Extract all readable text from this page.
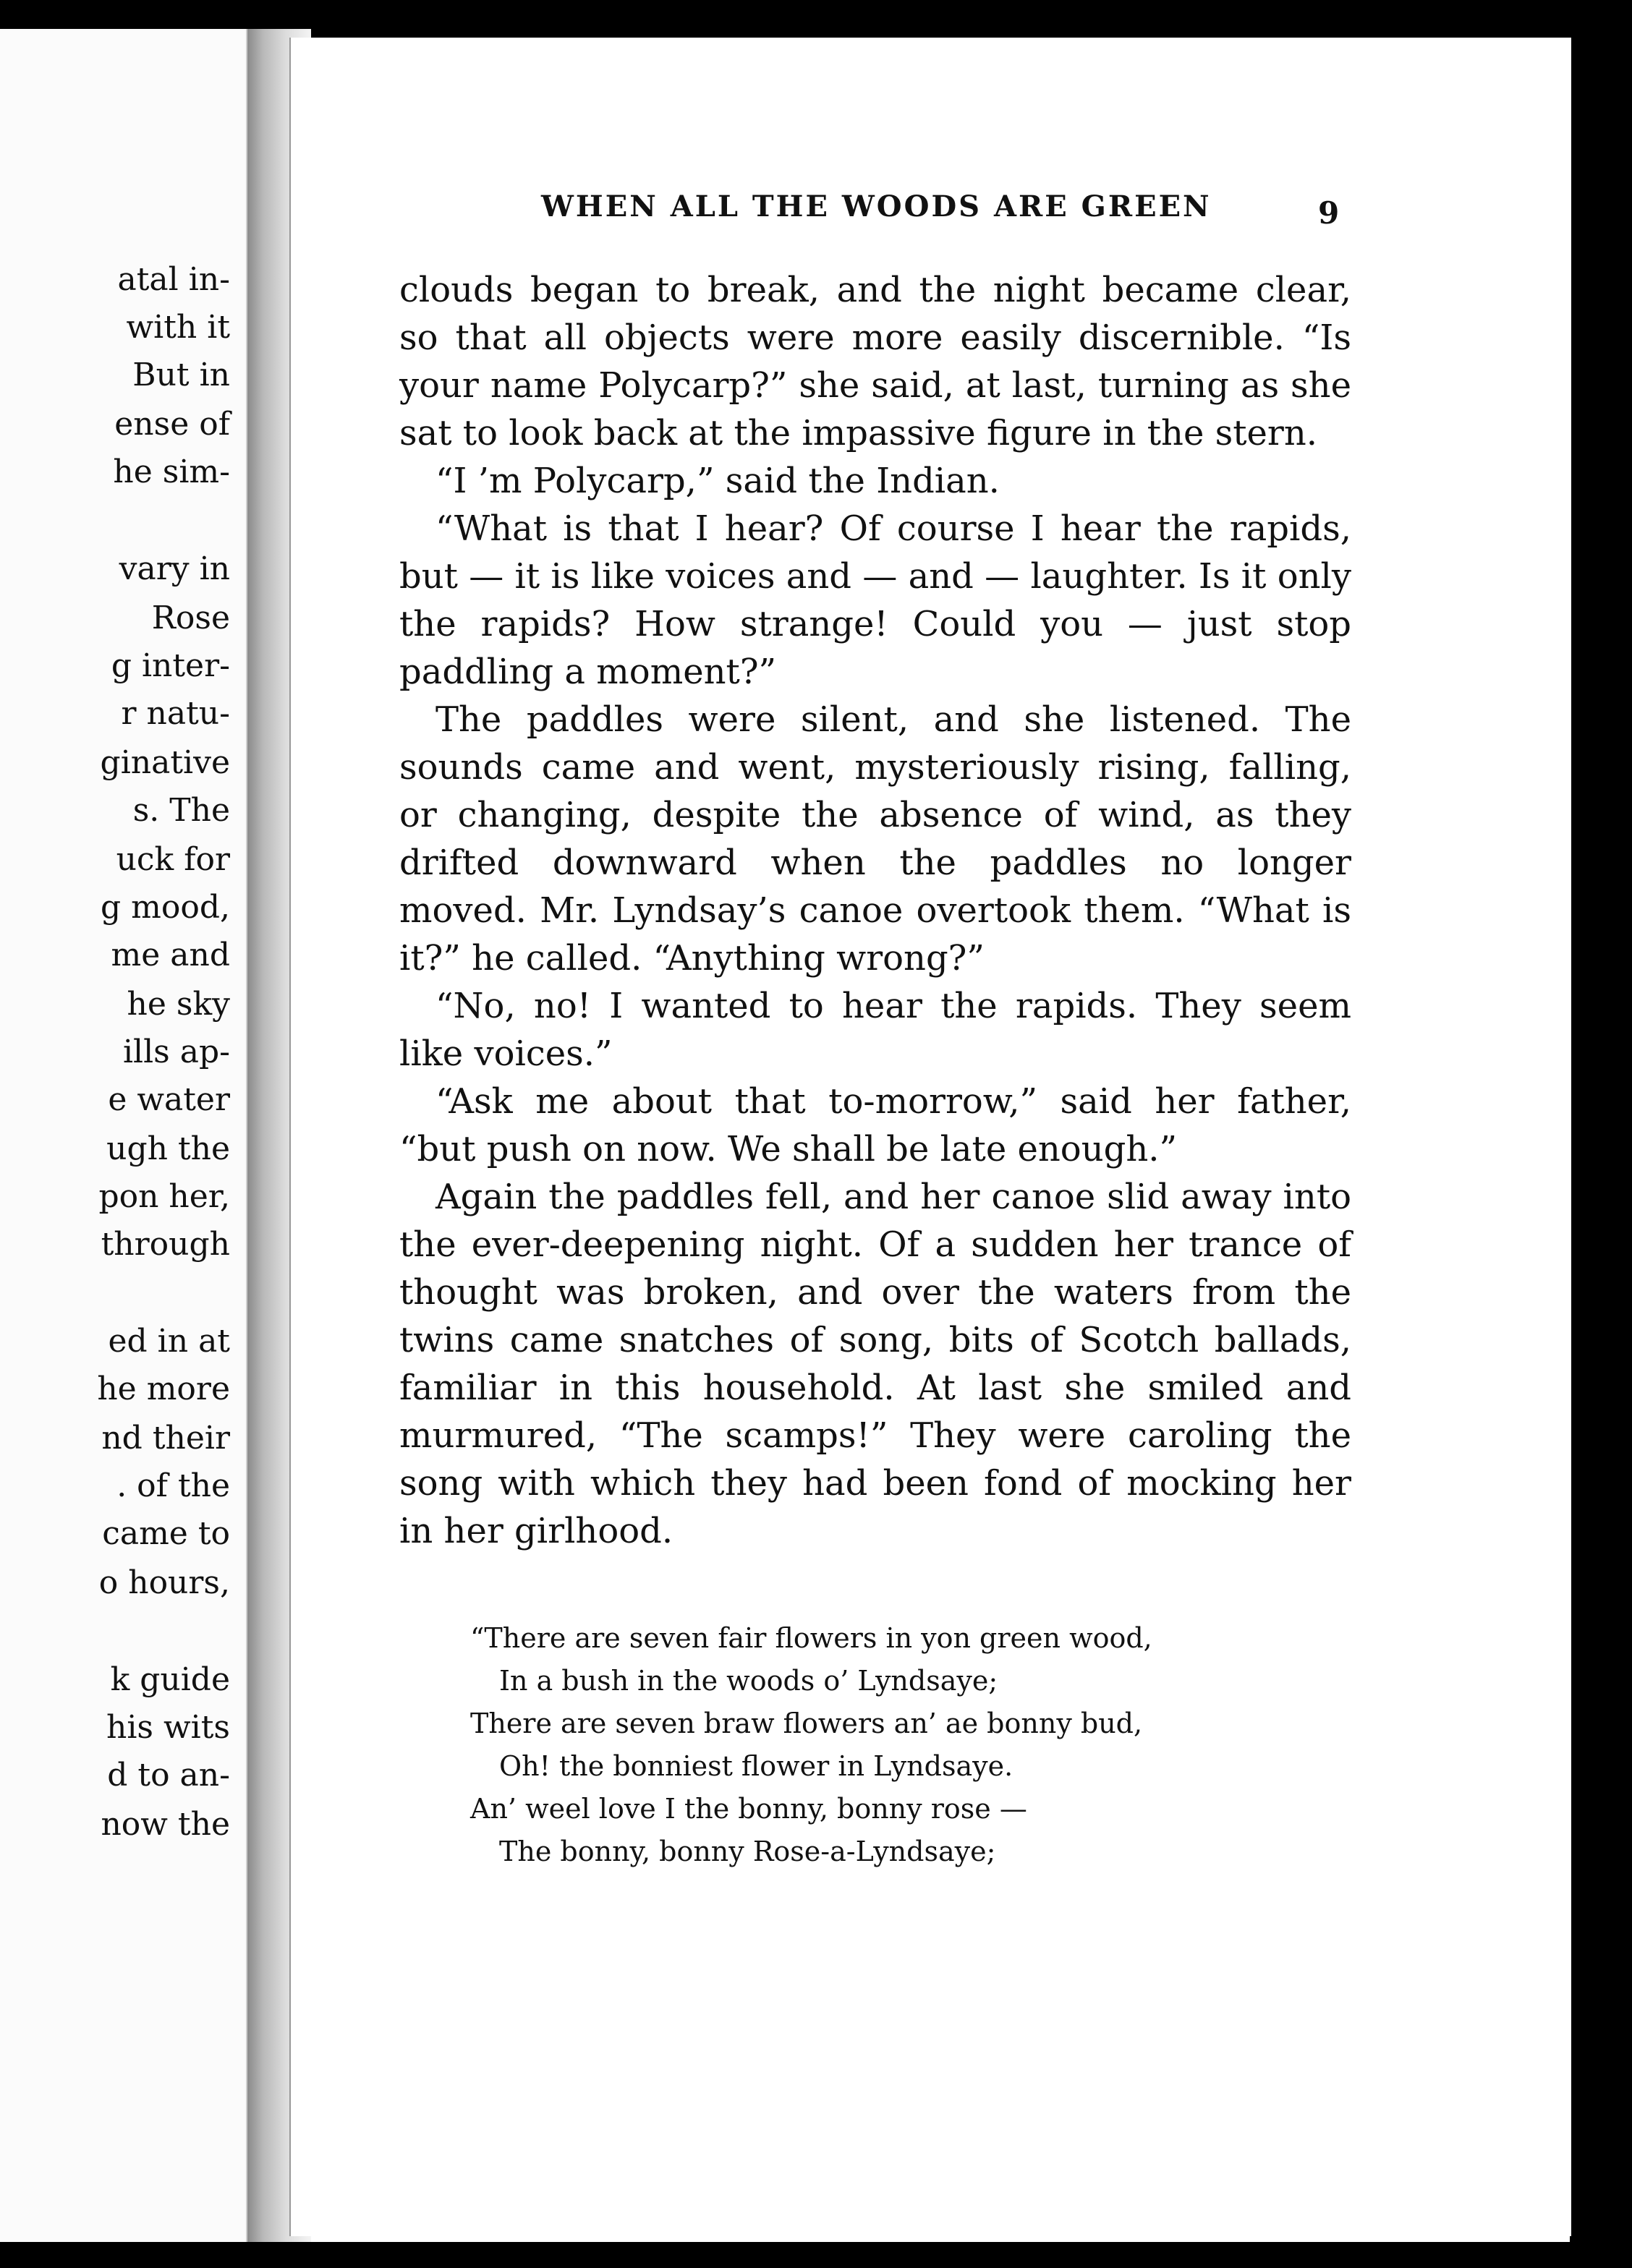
atal in-
with it
But in
ense of
he sim-
vary in
Rose
g inter-
r natu-
ginative
s. The
uck for
g mood,
me and
he sky
ills ap-
e water
ugh the
pon her,
through
ed in at
he more
nd their
. of the
came to
o hours,
k guide
his wits
d to an-
now the
WHEN ALL THE WOODS ARE GREEN	9

clouds began to break, and the night became clear, so that all objects were more easily discernible. “Is your name Polycarp?” she said, at last, turning as she sat to look back at the impassive figure in the stern.

“I ’m Polycarp,” said the Indian.

“What is that I hear? Of course I hear the rapids, but — it is like voices and — and — laughter. Is it only the rapids? How strange! Could you — just stop paddling a moment?”

The paddles were silent, and she listened. The sounds came and went, mysteriously rising, falling, or changing, despite the absence of wind, as they drifted downward when the paddles no longer moved. Mr. Lyndsay’s canoe overtook them. “What is it?” he called. “Anything wrong?”

“No, no! I wanted to hear the rapids. They seem like voices.”

“Ask me about that to-morrow,” said her father, “but push on now. We shall be late enough.”

Again the paddles fell, and her canoe slid away into the ever-deepening night. Of a sudden her trance of thought was broken, and over the waters from the twins came snatches of song, bits of Scotch ballads, familiar in this household. At last she smiled and murmured, “The scamps!” They were caroling the song with which they had been fond of mocking her in her girlhood.

“There are seven fair flowers in yon green wood,
In a bush in the woods o’ Lyndsaye;
There are seven braw flowers an’ ae bonny bud,
Oh! the bonniest flower in Lyndsaye.
An’ weel love I the bonny, bonny rose —
The bonny, bonny Rose-a-Lyndsaye;
